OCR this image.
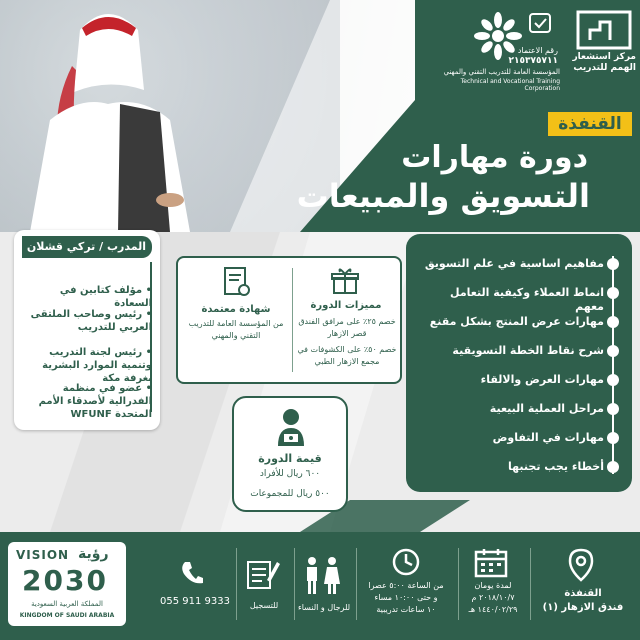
مركز استشعار الهمم للتدريب
رقم الاعتماد
٢١٥٣٧٥٧١١
المؤسسة العامة للتدريب التقني والمهني
Technical and Vocational Training Corporation
القنفذة
دورة مهارات
التسويق والمبيعات
المدرب / تركي قشلان
• مؤلف كتابين في السعادة
• رئيس وصاحب الملتقى العربي للتدريب
• رئيس لجنة التدريب وتنمية الموارد البشرية بغرفة مكة
• عضو في منظمة الفدرالية لأصدقاء الأمم المتحدة WFUNF
مميزات الدورة
خصم ٢٥٪ على مرافق الفندق قصر الازهار
خصم ٥٠٪ على الكشوفات في مجمع الازهار الطبي
شهادة معتمدة
من المؤسسة العامة للتدريب التقني والمهني
قيمة الدورة
٦٠٠ ريال للأفراد
٥٠٠ ريال للمجموعات
مفاهيم اساسية في علم التسويق
انماط العملاء وكيفية التعامل معهم
مهارات عرض المنتج بشكل مقنع
شرح نقاط الخطة التسويقية
مهارات العرض والالقاء
مراحل العملية البيعية
مهارات في التفاوض
أخطاء يجب تجنبها
VISION رؤية
2030
المملكة العربية السعودية
KINGDOM OF SAUDI ARABIA
055 911 9333	للتسجيل	للرجال و النساء
من الساعة ٥:٠٠ عصرا
و حتى ١٠:٠٠ مساء
١٠ ساعات تدريبية
لمدة يومان
٢٠١٨/١٠/٧ م
١٤٤٠/٠٢/٢٩ هـ
القنفذة
فندق الازهار (١)
